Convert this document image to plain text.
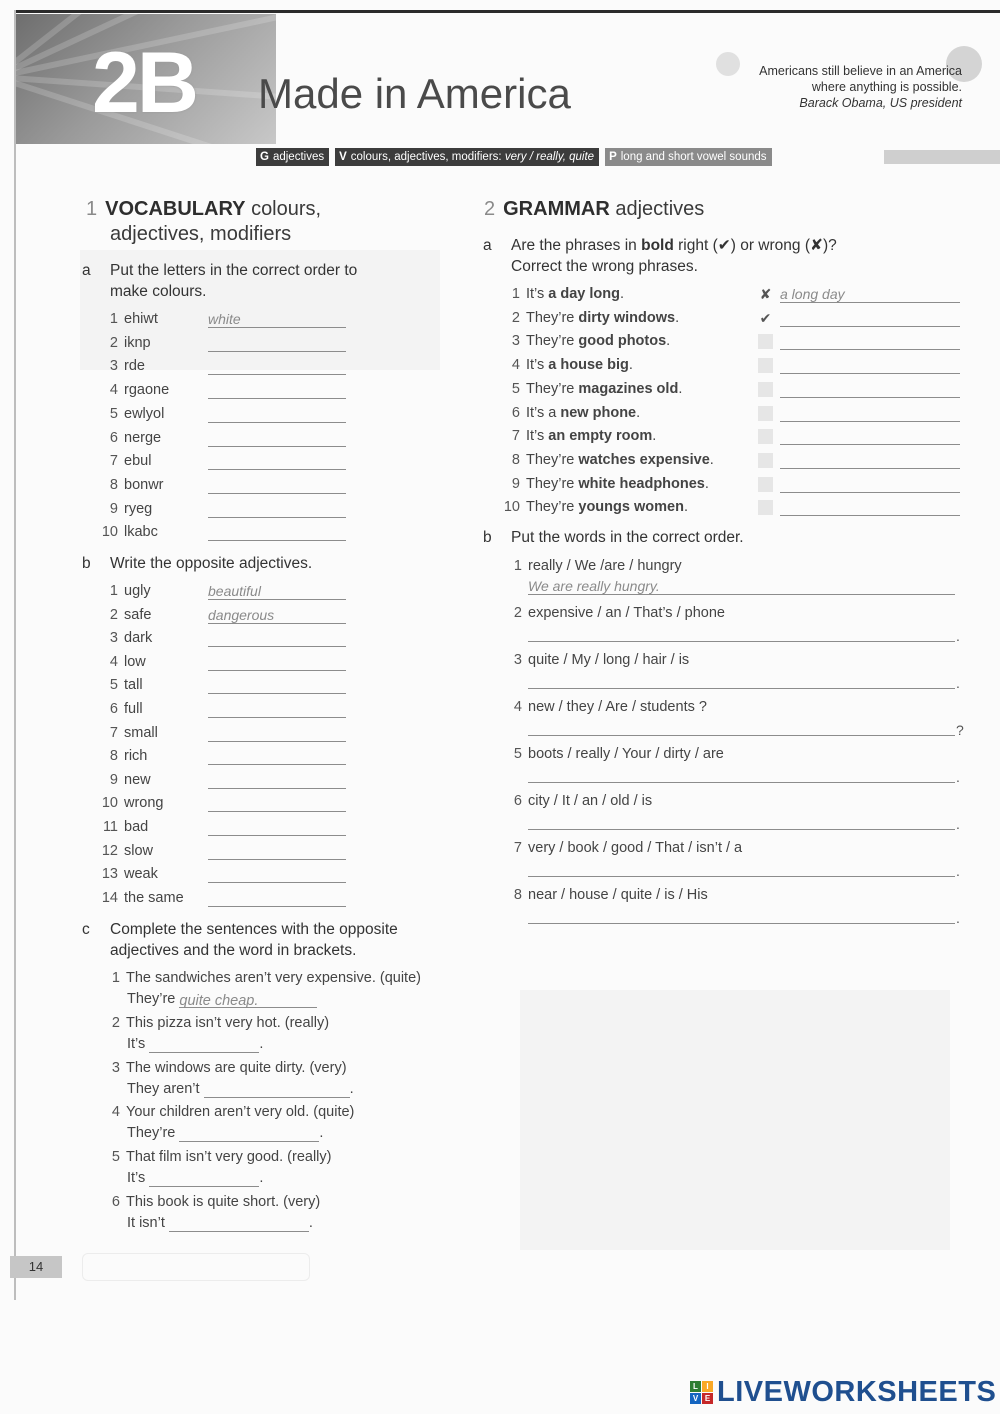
2B Made in America	Americans still believe in an America
where anything is possible.
Barack Obama, US president
G adjectives	V colours, adjectives, modifiers: very / really, quite	P long and short vowel sounds
1 VOCABULARY colours,
adjectives, modifiers
a Put the letters in the correct order to
make colours.
1 ehiwt	white
2 iknp
3 rde
4 rgaone
5 ewlyol
6 nerge
7 ebul
8 bonwr
9 ryeg
10 lkabc
b Write the opposite adjectives.
1 ugly	beautiful
2 safe	dangerous
3 dark
4 low
5 tall
6 full
7 small
8 rich
9 new
10 wrong
11 bad
12 slow
13 weak
14 the same
c Complete the sentences with the opposite
adjectives and the word in brackets.
1 The sandwiches aren’t very expensive. (quite)
They’re quite cheap.
2 This pizza isn’t very hot. (really)
It’s	.
3 The windows are quite dirty. (very)
They aren’t	.
4 Your children aren’t very old. (quite)
They’re	.
5 That film isn’t very good. (really)
It’s	.
6 This book is quite short. (very)
It isn’t	.
2 GRAMMAR adjectives
a Are the phrases in bold right (✔) or wrong (✘)?
Correct the wrong phrases.
1 It’s a day long.	✘ a long day
2 They’re dirty windows.	✔
3 They’re good photos.
4 It’s a house big.
5 They’re magazines old.
6 It’s a new phone.
7 It’s an empty room.
8 They’re watches expensive.
9 They’re white headphones.
10 They’re youngs women.
b Put the words in the correct order.
1 really / We /are / hungry
We are really hungry.
2 expensive / an / That’s / phone
.
3 quite / My / long / hair / is
.
4 new / they / Are / students ?
?
5 boots / really / Your / dirty / are
.
6 city / It / an / old / is
.
7 very / book / good / That / isn’t / a
.
8 near / house / quite / is / His
.
14
L	I
V E LIVEWORKSHEETS
